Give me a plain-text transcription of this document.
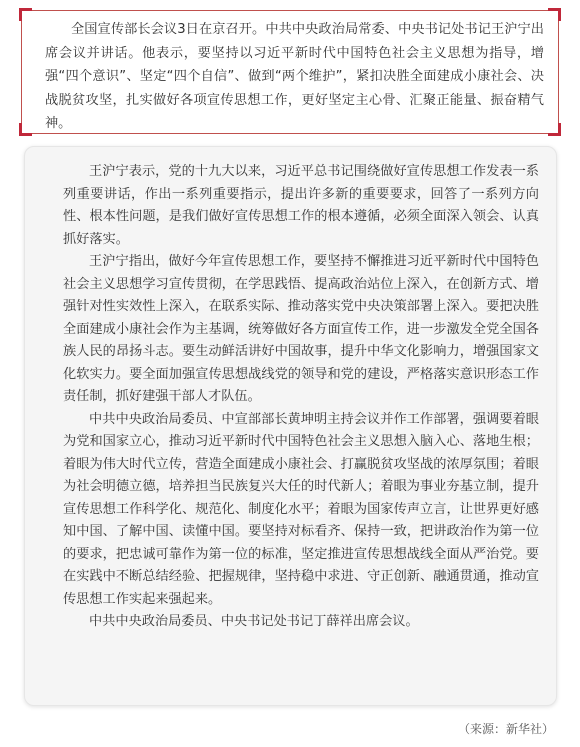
全国宣传部长会议3日在京召开。中共中央政治局常委、中央书记处书记王沪宁出席会议并讲话。他表示，要坚持以习近平新时代中国特色社会主义思想为指导，增强“四个意识”、坚定“四个自信”、做到“两个维护”，紧扣决胜全面建成小康社会、决战脱贫攻坚，扎实做好各项宣传思想工作，更好坚定主心骨、汇聚正能量、振奋精气神。

王沪宁表示，党的十九大以来，习近平总书记围绕做好宣传思想工作发表一系列重要讲话，作出一系列重要指示，提出许多新的重要要求，回答了一系列方向性、根本性问题，是我们做好宣传思想工作的根本遵循，必须全面深入领会、认真抓好落实。

王沪宁指出，做好今年宣传思想工作，要坚持不懈推进习近平新时代中国特色社会主义思想学习宣传贯彻，在学思践悟、提高政治站位上深入，在创新方式、增强针对性实效性上深入，在联系实际、推动落实党中央决策部署上深入。要把决胜全面建成小康社会作为主基调，统筹做好各方面宣传工作，进一步激发全党全国各族人民的昂扬斗志。要生动鲜活讲好中国故事，提升中华文化影响力，增强国家文化软实力。要全面加强宣传思想战线党的领导和党的建设，严格落实意识形态工作责任制，抓好建强干部人才队伍。

中共中央政治局委员、中宣部部长黄坤明主持会议并作工作部署，强调要着眼为党和国家立心，推动习近平新时代中国特色社会主义思想入脑入心、落地生根；着眼为伟大时代立传，营造全面建成小康社会、打赢脱贫攻坚战的浓厚氛围；着眼为社会明德立德，培养担当民族复兴大任的时代新人；着眼为事业夯基立制，提升宣传思想工作科学化、规范化、制度化水平；着眼为国家传声立言，让世界更好感知中国、了解中国、读懂中国。要坚持对标看齐、保持一致，把讲政治作为第一位的要求，把忠诚可靠作为第一位的标准，坚定推进宣传思想战线全面从严治党。要在实践中不断总结经验、把握规律，坚持稳中求进、守正创新、融通贯通，推动宣传思想工作实起来强起来。

中共中央政治局委员、中央书记处书记丁薛祥出席会议。

（来源：新华社）
